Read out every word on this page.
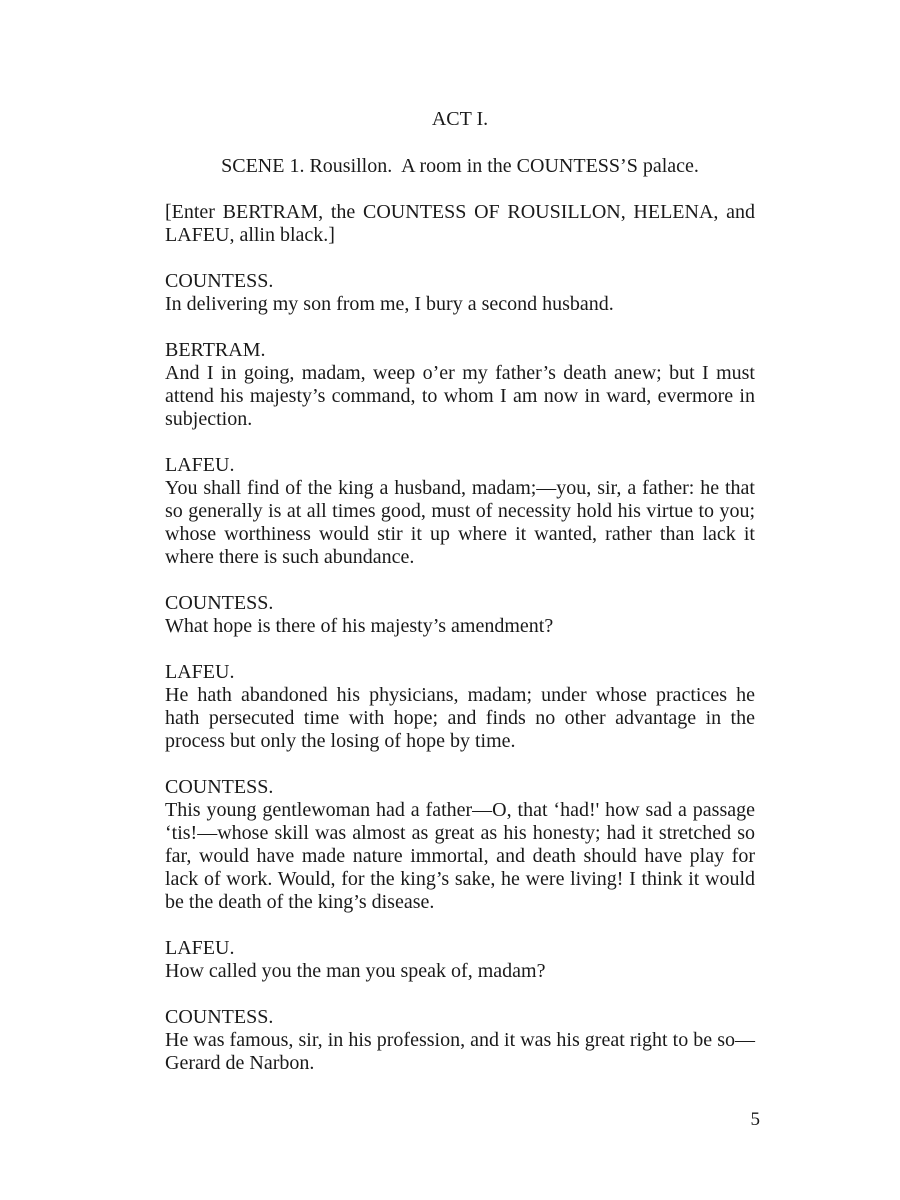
ACT I.
SCENE 1. Rousillon.  A room in the COUNTESS’S palace.

[Enter BERTRAM, the COUNTESS OF ROUSILLON, HELENA, and LAFEU, allin black.]

COUNTESS.

In delivering my son from me, I bury a second husband.

BERTRAM.

And I in going, madam, weep o’er my father’s death anew; but I must attend his majesty’s command, to whom I am now in ward, evermore in subjection.

LAFEU.

You shall find of the king a husband, madam;—you, sir, a father: he that so generally is at all times good, must of necessity hold his virtue to you; whose worthiness would stir it up where it wanted, rather than lack it where there is such abundance.

COUNTESS.

What hope is there of his majesty’s amendment?

LAFEU.

He hath abandoned his physicians, madam; under whose practices he hath persecuted time with hope; and finds no other advantage in the process but only the losing of hope by time.

COUNTESS.

This young gentlewoman had a father—O, that ‘had!' how sad a passage ‘tis!—whose skill was almost as great as his honesty; had it stretched so far, would have made nature immortal, and death should have play for lack of work. Would, for the king’s sake, he were living! I think it would be the death of the king’s disease.

LAFEU.

How called you the man you speak of, madam?

COUNTESS.

He was famous, sir, in his profession, and it was his great right to be so—Gerard de Narbon.

5
